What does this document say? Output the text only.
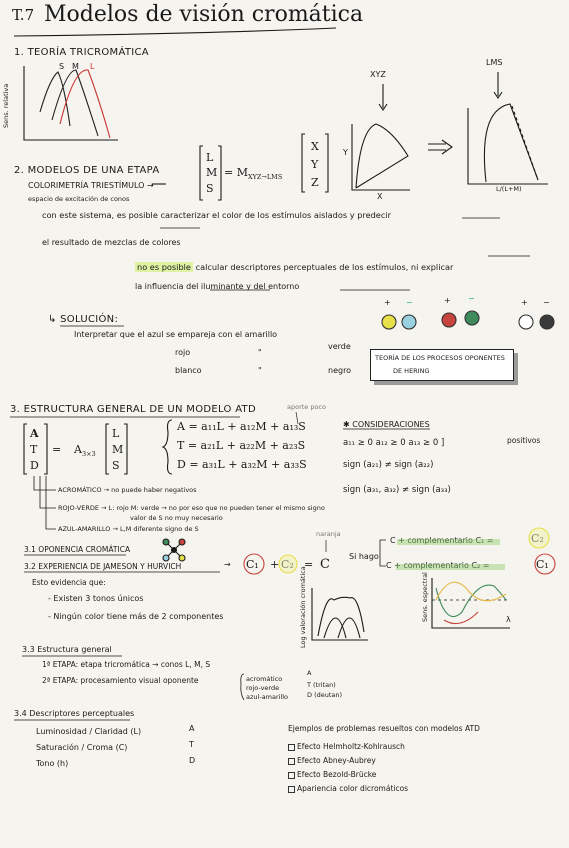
T.7 Modelos de visión cromática
1. TEORÍA TRICROMÁTICA
Sens. relativa
S M L
XYZ
LMS
2. MODELOS DE UNA ETAPA
COLORIMETRÍA TRIESTÍMULO →
espacio de excitación de conos
L
M
S
= $M_{XYZ\to LMS}$
X
Y
Z
Y
X
L/(L+M)
con este sistema, es posible caracterizar el color de los estímulos aislados y predecir
el resultado de mezclas de colores
no es posible calcular descriptores perceptuales de los estímulos, ni explicar
la influencia del iluminante y del entorno
↳ SOLUCIÓN:
Interpretar que el azul se empareja con el amarillo
rojo	"
verde
blanco	"	negro
TEORÍA DE LOS PROCESOS OPONENTES
DE HERING
+ −	+ −	+ −
3. ESTRUCTURA GENERAL DE UN MODELO ATD
A
T
D
= $A_{3\times 3}$
L
M
S
A = a₁₁L + a₁₂M + a₁₃S
T = a₂₁L + a₂₂M + a₂₃S
D = a₃₁L + a₃₂M + a₃₃S
aporte poco
✱ CONSIDERACIONES
a₁₁ ≥ 0 a₁₂ ≥ 0 a₁₃ ≥ 0 ]	positivos
sign (a₂₁) ≠ sign (a₂₂)
sign (a₃₁, a₃₂) ≠ sign (a₃₃)
ACROMÁTICO → no puede haber negativos
ROJO-VERDE → L: rojo M: verde → no por eso que no pueden tener el mismo signo
valor de S no muy necesario
AZUL-AMARILLO → L,M diferente signo de S
3.1 OPONENCIA CROMÁTICA
3.2 EXPERIENCIA DE JAMESON Y HURVICH	→ C₁ + = C
naranja
Si hago
C + complementario C₁ =
C + complementario C₂ =	C₁
Esto evidencia que:
- Existen 3 tonos únicos
- Ningún color tiene más de 2 componentes	Log valoración cromática	Sens. espectral	λ
3.3 Estructura general
1ª ETAPA: etapa tricromática → conos L, M, S
2ª ETAPA: procesamiento visual oponente	acromático
rojo-verde
azul-amarillo
A
T (tritan)
D (deutan)
3.4 Descriptores perceptuales
Luminosidad / Claridad (L)	A
Saturación / Croma (C)	T
Tono (h)	D
Ejemplos de problemas resueltos con modelos ATD
Efecto Helmholtz-Kohlrausch
Efecto Abney-Aubrey
Efecto Bezold-Brücke
Apariencia color dicromáticos
